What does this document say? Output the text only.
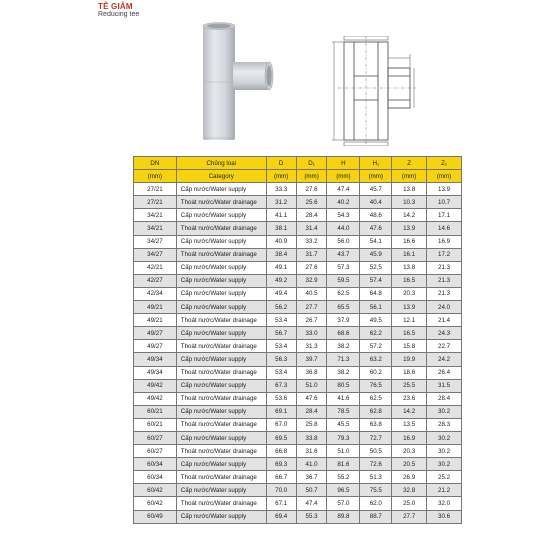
TÊ GIẢM
Reducing tee
DN	Chủng loại	D	D₁	H	H₁	Z	Z₁
(mm)	Category	(mm)	(mm)	(mm)	(mm)	(mm)	(mm)
27/21	Cấp nước/Water supply	33.3	27.6	47.4	45.7	13.8	13.9
27/21	Thoát nước/Water drainage	31.2	25.6	40.2	40.4	10.3	10.7
34/21	Cấp nước/Water supply	41.1	28.4	54.3	48.6	14.2	17.1
34/21	Thoát nước/Water drainage	38.1	31.4	44.0	47.6	13.9	14.6
34/27	Cấp nước/Water supply	40.9	33.2	56.0	54.1	16.6	16.9
34/27	Thoát nước/Water drainage	38.4	31.7	43.7	45.9	16.1	17.2
42/21	Cấp nước/Water supply	49.1	27.6	57.3	52.5	13.8	21.3
42/27	Cấp nước/Water supply	49.2	32.9	59.5	57.4	16.5	21.3
42/34	Cấp nước/Water supply	49.4	40.5	62.5	64.8	20.3	21.3
49/21	Cấp nước/Water supply	56.2	27.7	65.5	56.1	13.9	24.0
49/21	Thoát nước/Water drainage	53.4	26.7	37.9	49.5	12.1	21.4
49/27	Cấp nước/Water supply	56.7	33.0	68.6	62.2	16.5	24.3
49/27	Thoát nước/Water drainage	53.4	31.3	38.2	57.2	15.8	22.7
49/34	Cấp nước/Water supply	56.3	39.7	71.3	63.2	19.9	24.2
49/34	Thoát nước/Water drainage	53.4	36.8	38.2	60.2	18.6	26.4
49/42	Cấp nước/Water supply	67.3	51.0	80.5	76.5	25.5	31.5
49/42	Thoát nước/Water drainage	53.6	47.6	41.6	62.5	23.6	28.4
60/21	Cấp nước/Water supply	69.1	28.4	78.5	62.8	14.2	30.2
60/21	Thoát nước/Water drainage	67.0	25.8	45.5	63.8	13.5	28.3
60/27	Cấp nước/Water supply	69.5	33.8	79.3	72.7	16.9	30.2
60/27	Thoát nước/Water drainage	66.8	31.6	51.0	50.5	20.3	30.2
60/34	Cấp nước/Water supply	69.3	41.0	81.6	72.6	20.5	30.2
60/34	Thoát nước/Water drainage	66.7	36.7	55.2	51.3	26.9	25.2
60/42	Cấp nước/Water supply	70.0	50.7	96.5	75.5	32.8	21.2
60/42	Thoát nước/Water drainage	67.1	47.4	57.0	62.0	25.0	32.0
60/49	Cấp nước/Water supply	69.4	55.3	89.8	88.7	27.7	30.6
